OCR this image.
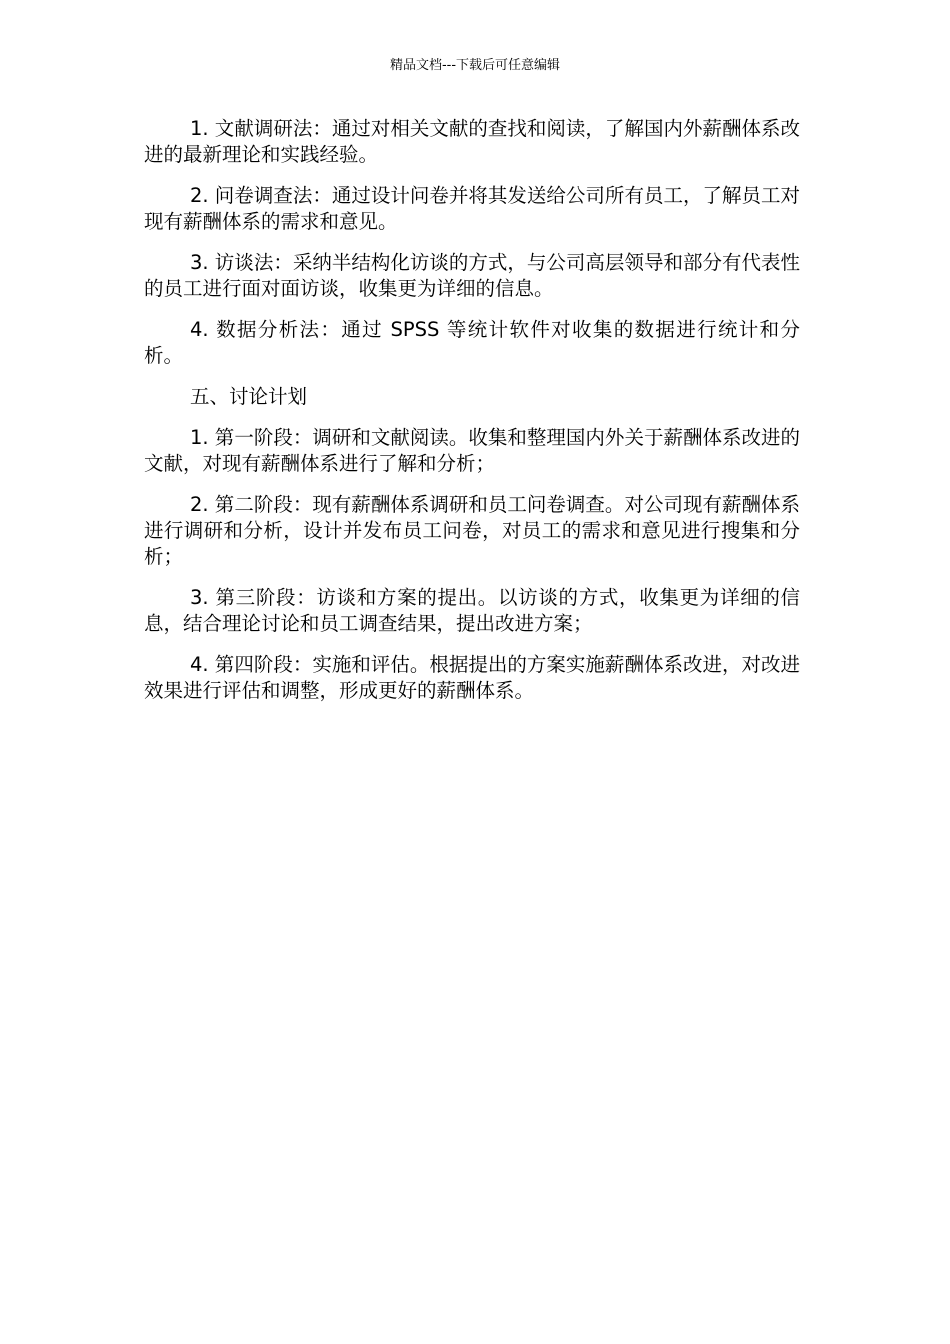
精品文档---下载后可任意编辑

1. 文献调研法：通过对相关文献的查找和阅读，了解国内外薪酬体系改进的最新理论和实践经验。

2. 问卷调查法：通过设计问卷并将其发送给公司所有员工，了解员工对现有薪酬体系的需求和意见。

3. 访谈法：采纳半结构化访谈的方式，与公司高层领导和部分有代表性的员工进行面对面访谈，收集更为详细的信息。

4. 数据分析法：通过 SPSS 等统计软件对收集的数据进行统计和分析。

五、讨论计划

1. 第一阶段：调研和文献阅读。收集和整理国内外关于薪酬体系改进的文献，对现有薪酬体系进行了解和分析；

2. 第二阶段：现有薪酬体系调研和员工问卷调查。对公司现有薪酬体系进行调研和分析，设计并发布员工问卷，对员工的需求和意见进行搜集和分析；

3. 第三阶段：访谈和方案的提出。以访谈的方式，收集更为详细的信息，结合理论讨论和员工调查结果，提出改进方案；

4. 第四阶段：实施和评估。根据提出的方案实施薪酬体系改进，对改进效果进行评估和调整，形成更好的薪酬体系。
